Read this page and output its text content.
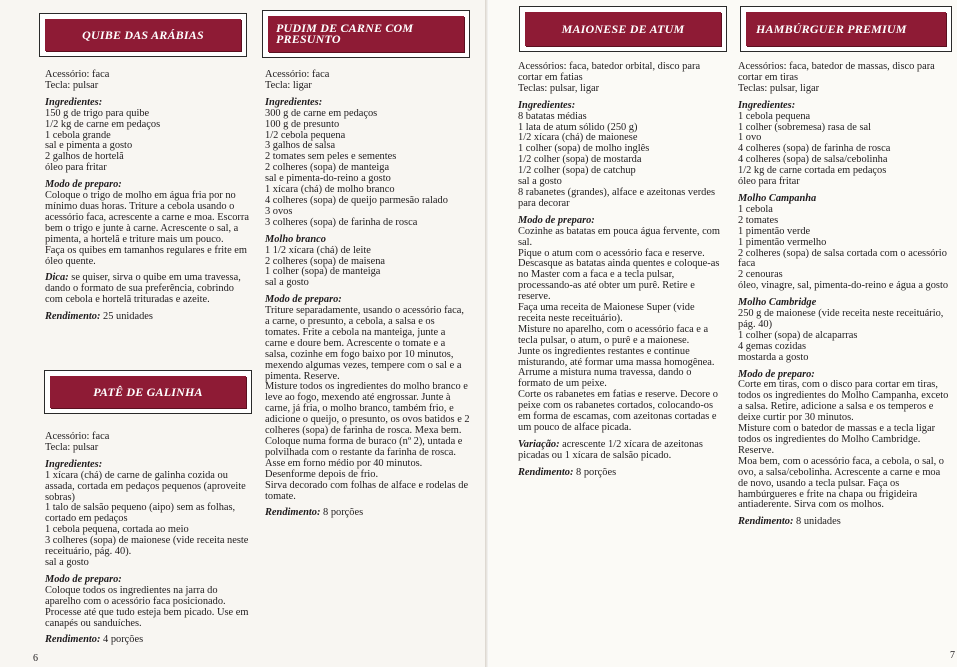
QUIBE DAS ARÁBIAS

Acessório: faca
Tecla: pulsar

Ingredientes:

150 g de trigo para quibe
1/2 kg de carne em pedaços
1 cebola grande
sal e pimenta a gosto
2 galhos de hortelã
óleo para fritar

Modo de preparo:

Coloque o trigo de molho em água fria por no mínimo duas horas. Triture a cebola usando o acessório faca, acrescente a carne e moa. Escorra bem o trigo e junte à carne. Acrescente o sal, a pimenta, a hortelã e triture mais um pouco.

Faça os quibes em tamanhos regulares e frite em óleo quente.

Dica: se quiser, sirva o quibe em uma travessa, dando o formato de sua preferência, cobrindo com cebola e hortelã trituradas e azeite.

Rendimento: 25 unidades

PATÊ DE GALINHA

Acessório: faca
Tecla: pulsar

Ingredientes:

1 xícara (chá) de carne de galinha cozida ou assada, cortada em pedaços pequenos (aproveite sobras)
1 talo de salsão pequeno (aipo) sem as folhas, cortado em pedaços
1 cebola pequena, cortada ao meio
3 colheres (sopa) de maionese (vide receita neste receituário, pág. 40).
sal a gosto

Modo de preparo:

Coloque todos os ingredientes na jarra do aparelho com o acessório faca posicionado. Processe até que tudo esteja bem picado. Use em canapés ou sanduíches.

Rendimento: 4 porções

PUDIM DE CARNE COM PRESUNTO

Acessório: faca
Tecla: ligar

Ingredientes:

300 g de carne em pedaços
100 g de presunto
1/2 cebola pequena
3 galhos de salsa
2 tomates sem peles e sementes
2 colheres (sopa) de manteiga
sal e pimenta-do-reino a gosto
1 xícara (chá) de molho branco
4 colheres (sopa) de queijo parmesão ralado
3 ovos
3 colheres (sopa) de farinha de rosca

Molho branco

1 1/2 xícara (chá) de leite
2 colheres (sopa) de maisena
1 colher (sopa) de manteiga
sal a gosto

Modo de preparo:

Triture separadamente, usando o acessório faca, a carne, o presunto, a cebola, a salsa e os tomates. Frite a cebola na manteiga, junte a carne e doure bem. Acrescente o tomate e a salsa, cozinhe em fogo baixo por 10 minutos, mexendo algumas vezes, tempere com o sal e a pimenta. Reserve.

Misture todos os ingredientes do molho branco e leve ao fogo, mexendo até engrossar. Junte à carne, já fria, o molho branco, também frio, e adicione o queijo, o presunto, os ovos batidos e 2 colheres (sopa) de farinha de rosca. Mexa bem. Coloque numa forma de buraco (nº 2), untada e polvilhada com o restante da farinha de rosca.

Asse em forno médio por 40 minutos. Desenforme depois de frio.

Sirva decorado com folhas de alface e rodelas de tomate.

Rendimento: 8 porções

MAIONESE DE ATUM

Acessórios: faca, batedor orbital, disco para cortar em fatias
Teclas: pulsar, ligar

Ingredientes:

8 batatas médias
1 lata de atum sólido (250 g)
1/2 xícara (chá) de maionese
1 colher (sopa) de molho inglês
1/2 colher (sopa) de mostarda
1/2 colher (sopa) de catchup
sal a gosto
8 rabanetes (grandes), alface e azeitonas verdes para decorar

Modo de preparo:

Cozinhe as batatas em pouca água fervente, com sal.

Pique o atum com o acessório faca e reserve. Descasque as batatas ainda quentes e coloque-as no Master com a faca e a tecla pulsar, processando-as até obter um purê. Retire e reserve.

Faça uma receita de Maionese Super (vide receita neste receituário).

Misture no aparelho, com o acessório faca e a tecla pulsar, o atum, o purê e a maionese.

Junte os ingredientes restantes e continue misturando, até formar uma massa homogênea. Arrume a mistura numa travessa, dando o formato de um peixe.

Corte os rabanetes em fatias e reserve. Decore o peixe com os rabanetes cortados, colocando-os em forma de escamas, com azeitonas cortadas e um pouco de alface picada.

Variação: acrescente 1/2 xícara de azeitonas picadas ou 1 xícara de salsão picado.

Rendimento: 8 porções

HAMBÚRGUER PREMIUM

Acessórios: faca, batedor de massas, disco para cortar em tiras
Teclas: pulsar, ligar

Ingredientes:

1 cebola pequena
1 colher (sobremesa) rasa de sal
1 ovo
4 colheres (sopa) de farinha de rosca
4 colheres (sopa) de salsa/cebolinha
1/2 kg de carne cortada em pedaços
óleo para fritar

Molho Campanha

1 cebola
2 tomates
1 pimentão verde
1 pimentão vermelho
2 colheres (sopa) de salsa cortada com o acessório faca
2 cenouras
óleo, vinagre, sal, pimenta-do-reino e água a gosto

Molho Cambridge

250 g de maionese (vide receita neste receituário, pág. 40)
1 colher (sopa) de alcaparras
4 gemas cozidas
mostarda a gosto

Modo de preparo:

Corte em tiras, com o disco para cortar em tiras, todos os ingredientes do Molho Campanha, exceto a salsa. Retire, adicione a salsa e os temperos e deixe curtir por 30 minutos.

Misture com o batedor de massas e a tecla ligar todos os ingredientes do Molho Cambridge. Reserve.

Moa bem, com o acessório faca, a cebola, o sal, o ovo, a salsa/cebolinha. Acrescente a carne e moa de novo, usando a tecla pulsar. Faça os hambúrgueres e frite na chapa ou frigideira antiaderente. Sirva com os molhos.

Rendimento: 8 unidades

6	7
